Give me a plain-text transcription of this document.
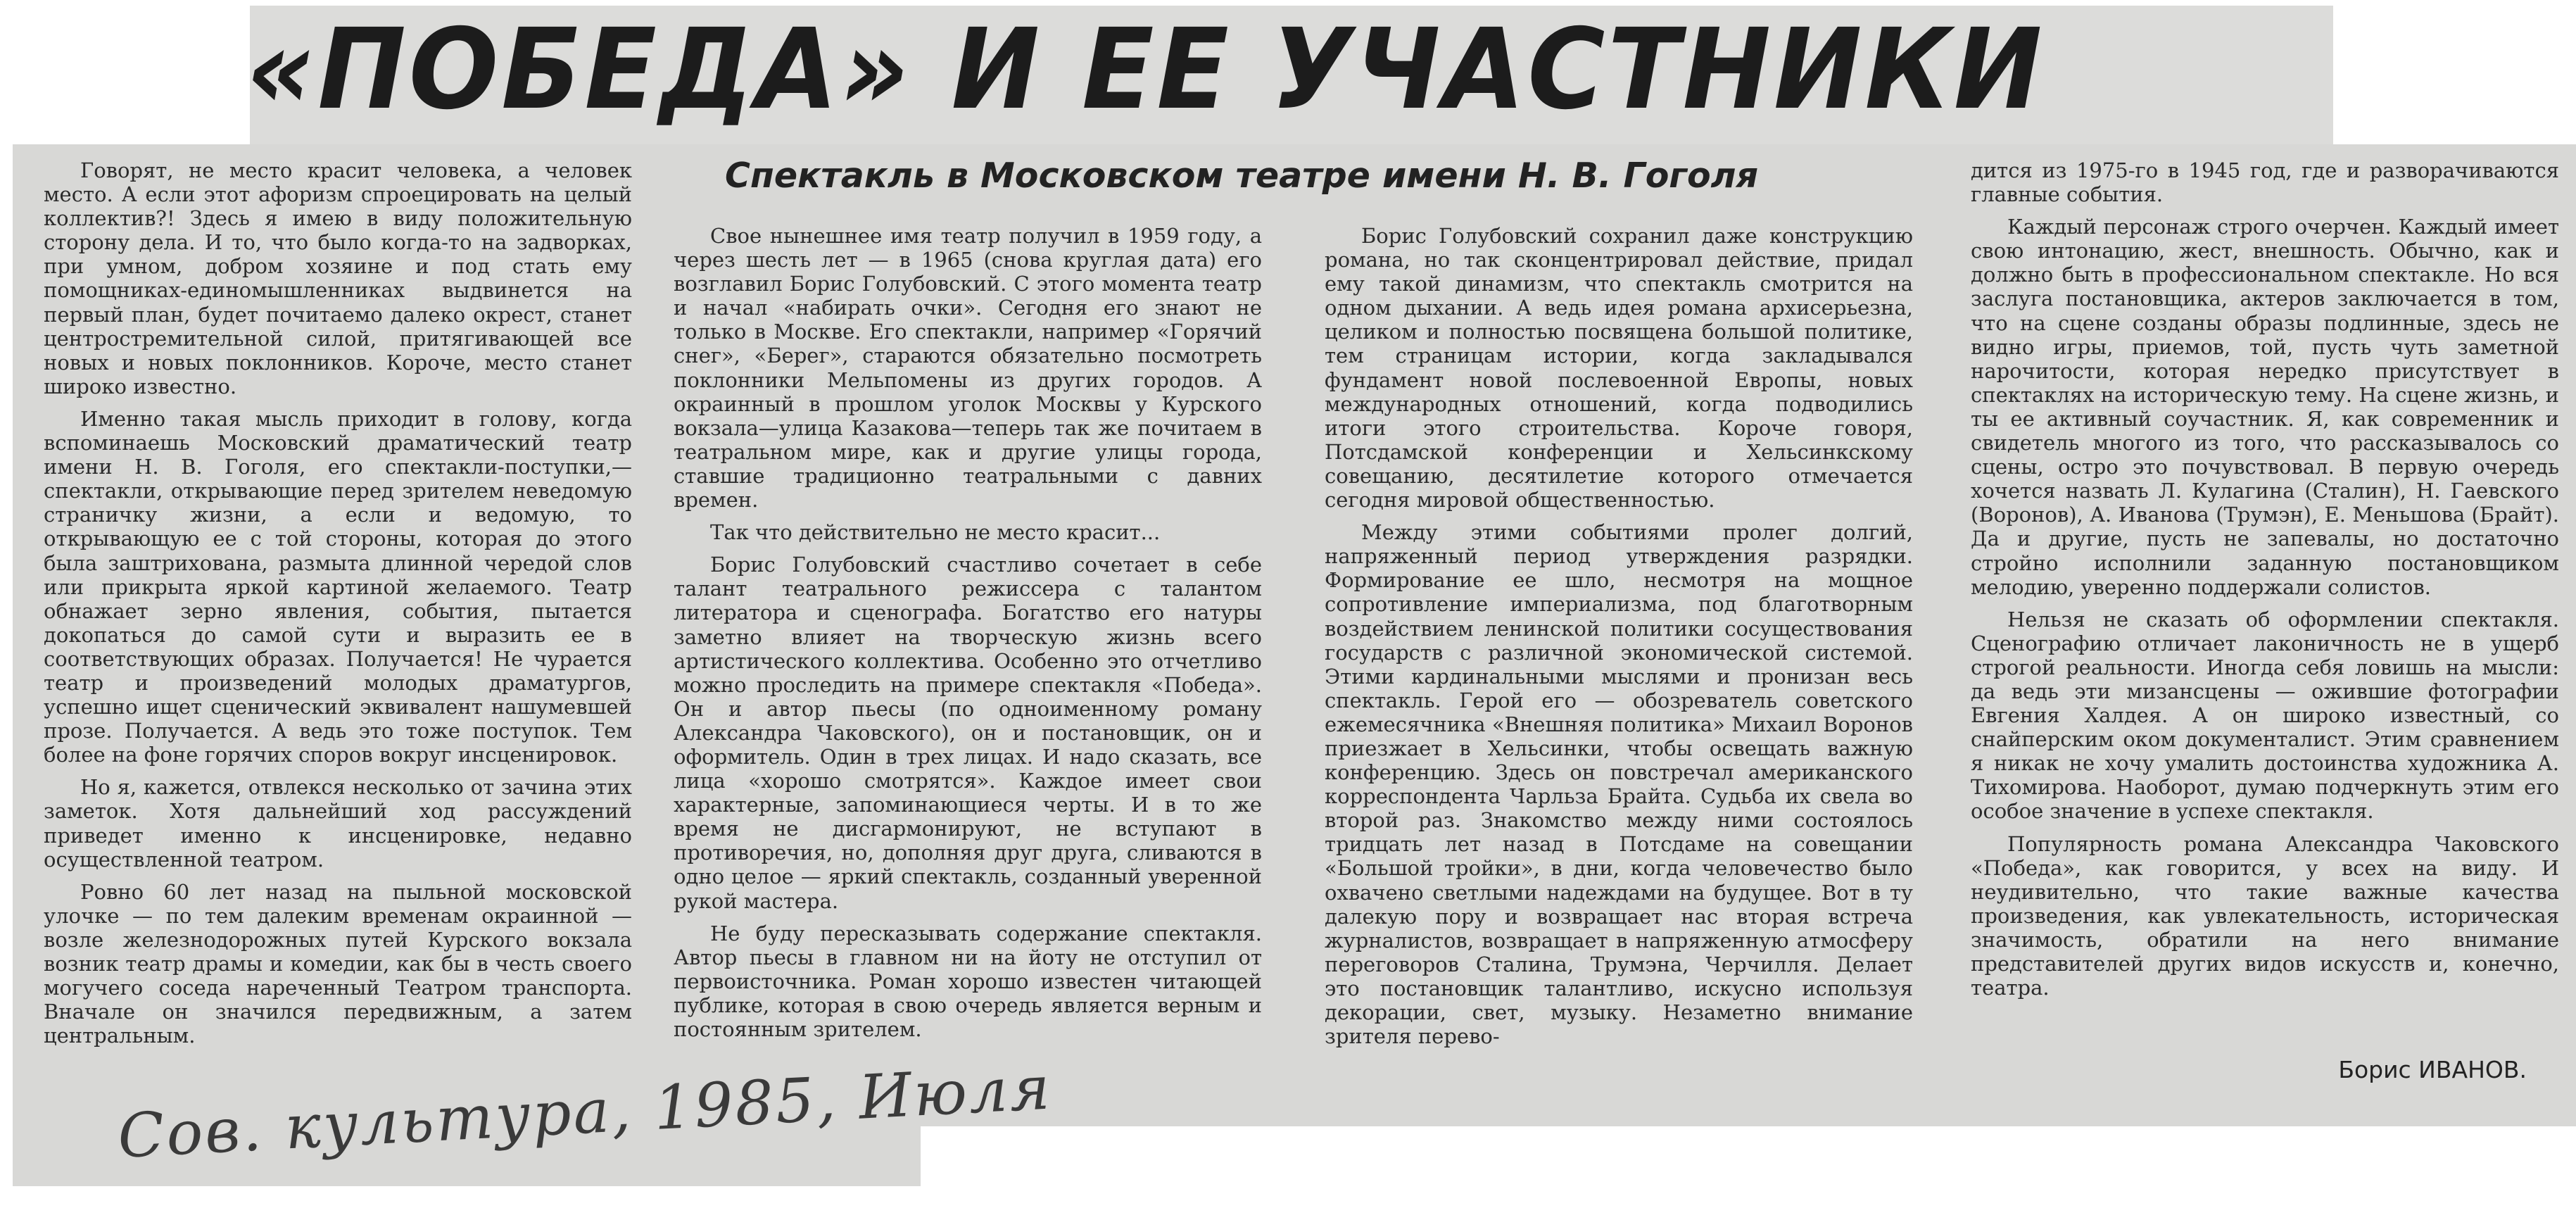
«ПОБЕДА» И ЕЕ УЧАСТНИКИ
Спектакль в Московском театре имени Н. В. Гоголя

Говорят, не место красит человека, а человек место. А если этот афоризм спроецировать на целый коллектив?! Здесь я имею в виду положительную сторону дела. И то, что было когда-то на задворках, при умном, добром хозяине и под стать ему помощниках-единомышленниках выдвинется на первый план, будет почитаемо далеко окрест, станет центростремительной силой, притягивающей все новых и новых поклонников. Короче, место станет широко известно.

Именно такая мысль приходит в голову, когда вспоминаешь Московский драматический театр имени Н. В. Гоголя, его спектакли-поступки,— спектакли, открывающие перед зрителем неведомую страничку жизни, а если и ведомую, то открывающую ее с той стороны, которая до этого была заштрихована, размыта длинной чередой слов или прикрыта яркой картиной желаемого. Театр обнажает зерно явления, события, пытается докопаться до самой сути и выразить ее в соответствующих образах. Получается! Не чурается театр и произведений молодых драматургов, успешно ищет сценический эквивалент нашумевшей прозе. Получается. А ведь это тоже поступок. Тем более на фоне горячих споров вокруг инсценировок.

Но я, кажется, отвлекся несколько от зачина этих заметок. Хотя дальнейший ход рассуждений приведет именно к инсценировке, недавно осуществленной театром.

Ровно 60 лет назад на пыльной московской улочке — по тем далеким временам окраинной — возле железнодорожных путей Курского вокзала возник театр драмы и комедии, как бы в честь своего могучего соседа нареченный Театром транспорта. Вначале он значился передвижным, а затем центральным.

Свое нынешнее имя театр получил в 1959 году, а через шесть лет — в 1965 (снова круглая дата) его возглавил Борис Голубовский. С этого момента театр и начал «набирать очки». Сегодня его знают не только в Москве. Его спектакли, например «Горячий снег», «Берег», стараются обязательно посмотреть поклонники Мельпомены из других городов. А окраинный в прошлом уголок Москвы у Курского вокзала—улица Казакова—теперь так же почитаем в театральном мире, как и другие улицы города, ставшие традиционно театральными с давних времен.

Так что действительно не место красит...

Борис Голубовский счастливо сочетает в себе талант театрального режиссера с талантом литератора и сценографа. Богатство его натуры заметно влияет на творческую жизнь всего артистического коллектива. Особенно это отчетливо можно проследить на примере спектакля «Победа». Он и автор пьесы (по одноименному роману Александра Чаковского), он и постановщик, он и оформитель. Один в трех лицах. И надо сказать, все лица «хорошо смотрятся». Каждое имеет свои характерные, запоминающиеся черты. И в то же время не дисгармонируют, не вступают в противоречия, но, дополняя друг друга, сливаются в одно целое — яркий спектакль, созданный уверенной рукой мастера.

Не буду пересказывать содержание спектакля. Автор пьесы в главном ни на йоту не отступил от первоисточника. Роман хорошо известен читающей публике, которая в свою очередь является верным и постоянным зрителем.

Борис Голубовский сохранил даже конструкцию романа, но так сконцентрировал действие, придал ему такой динамизм, что спектакль смотрится на одном дыхании. А ведь идея романа архисерьезна, целиком и полностью посвящена большой политике, тем страницам истории, когда закладывался фундамент новой послевоенной Европы, новых международных отношений, когда подводились итоги этого строительства. Короче говоря, Потсдамской конференции и Хельсинкскому совещанию, десятилетие которого отмечается сегодня мировой общественностью.

Между этими событиями пролег долгий, напряженный период утверждения разрядки. Формирование ее шло, несмотря на мощное сопротивление империализма, под благотворным воздействием ленинской политики сосуществования государств с различной экономической системой. Этими кардинальными мыслями и пронизан весь спектакль. Герой его — обозреватель советского ежемесячника «Внешняя политика» Михаил Воронов приезжает в Хельсинки, чтобы освещать важную конференцию. Здесь он повстречал американского корреспондента Чарльза Брайта. Судьба их свела во второй раз. Знакомство между ними состоялось тридцать лет назад в Потсдаме на совещании «Большой тройки», в дни, когда человечество было охвачено светлыми надеждами на будущее. Вот в ту далекую пору и возвращает нас вторая встреча журналистов, возвращает в напряженную атмосферу переговоров Сталина, Трумэна, Черчилля. Делает это постановщик талантливо, искусно используя декорации, свет, музыку. Незаметно внимание зрителя перево-

дится из 1975-го в 1945 год, где и разворачиваются главные события.

Каждый персонаж строго очерчен. Каждый имеет свою интонацию, жест, внешность. Обычно, как и должно быть в профессиональном спектакле. Но вся заслуга постановщика, актеров заключается в том, что на сцене созданы образы подлинные, здесь не видно игры, приемов, той, пусть чуть заметной нарочитости, которая нередко присутствует в спектаклях на историческую тему. На сцене жизнь, и ты ее активный соучастник. Я, как современник и свидетель многого из того, что рассказывалось со сцены, остро это почувствовал. В первую очередь хочется назвать Л. Кулагина (Сталин), Н. Гаевского (Воронов), А. Иванова (Трумэн), Е. Меньшова (Брайт). Да и другие, пусть не запевалы, но достаточно стройно исполнили заданную постановщиком мелодию, уверенно поддержали солистов.

Нельзя не сказать об оформлении спектакля. Сценографию отличает лаконичность не в ущерб строгой реальности. Иногда себя ловишь на мысли: да ведь эти мизансцены — ожившие фотографии Евгения Халдея. А он широко известный, со снайперским оком документалист. Этим сравнением я никак не хочу умалить достоинства художника А. Тихомирова. Наоборот, думаю подчеркнуть этим его особое значение в успехе спектакля.

Популярность романа Александра Чаковского «Победа», как говорится, у всех на виду. И неудивительно, что такие важные качества произведения, как увлекательность, историческая значимость, обратили на него внимание представителей других видов искусств и, конечно, театра.

Борис ИВАНОВ.
Сов. культура, 1985, Июля
